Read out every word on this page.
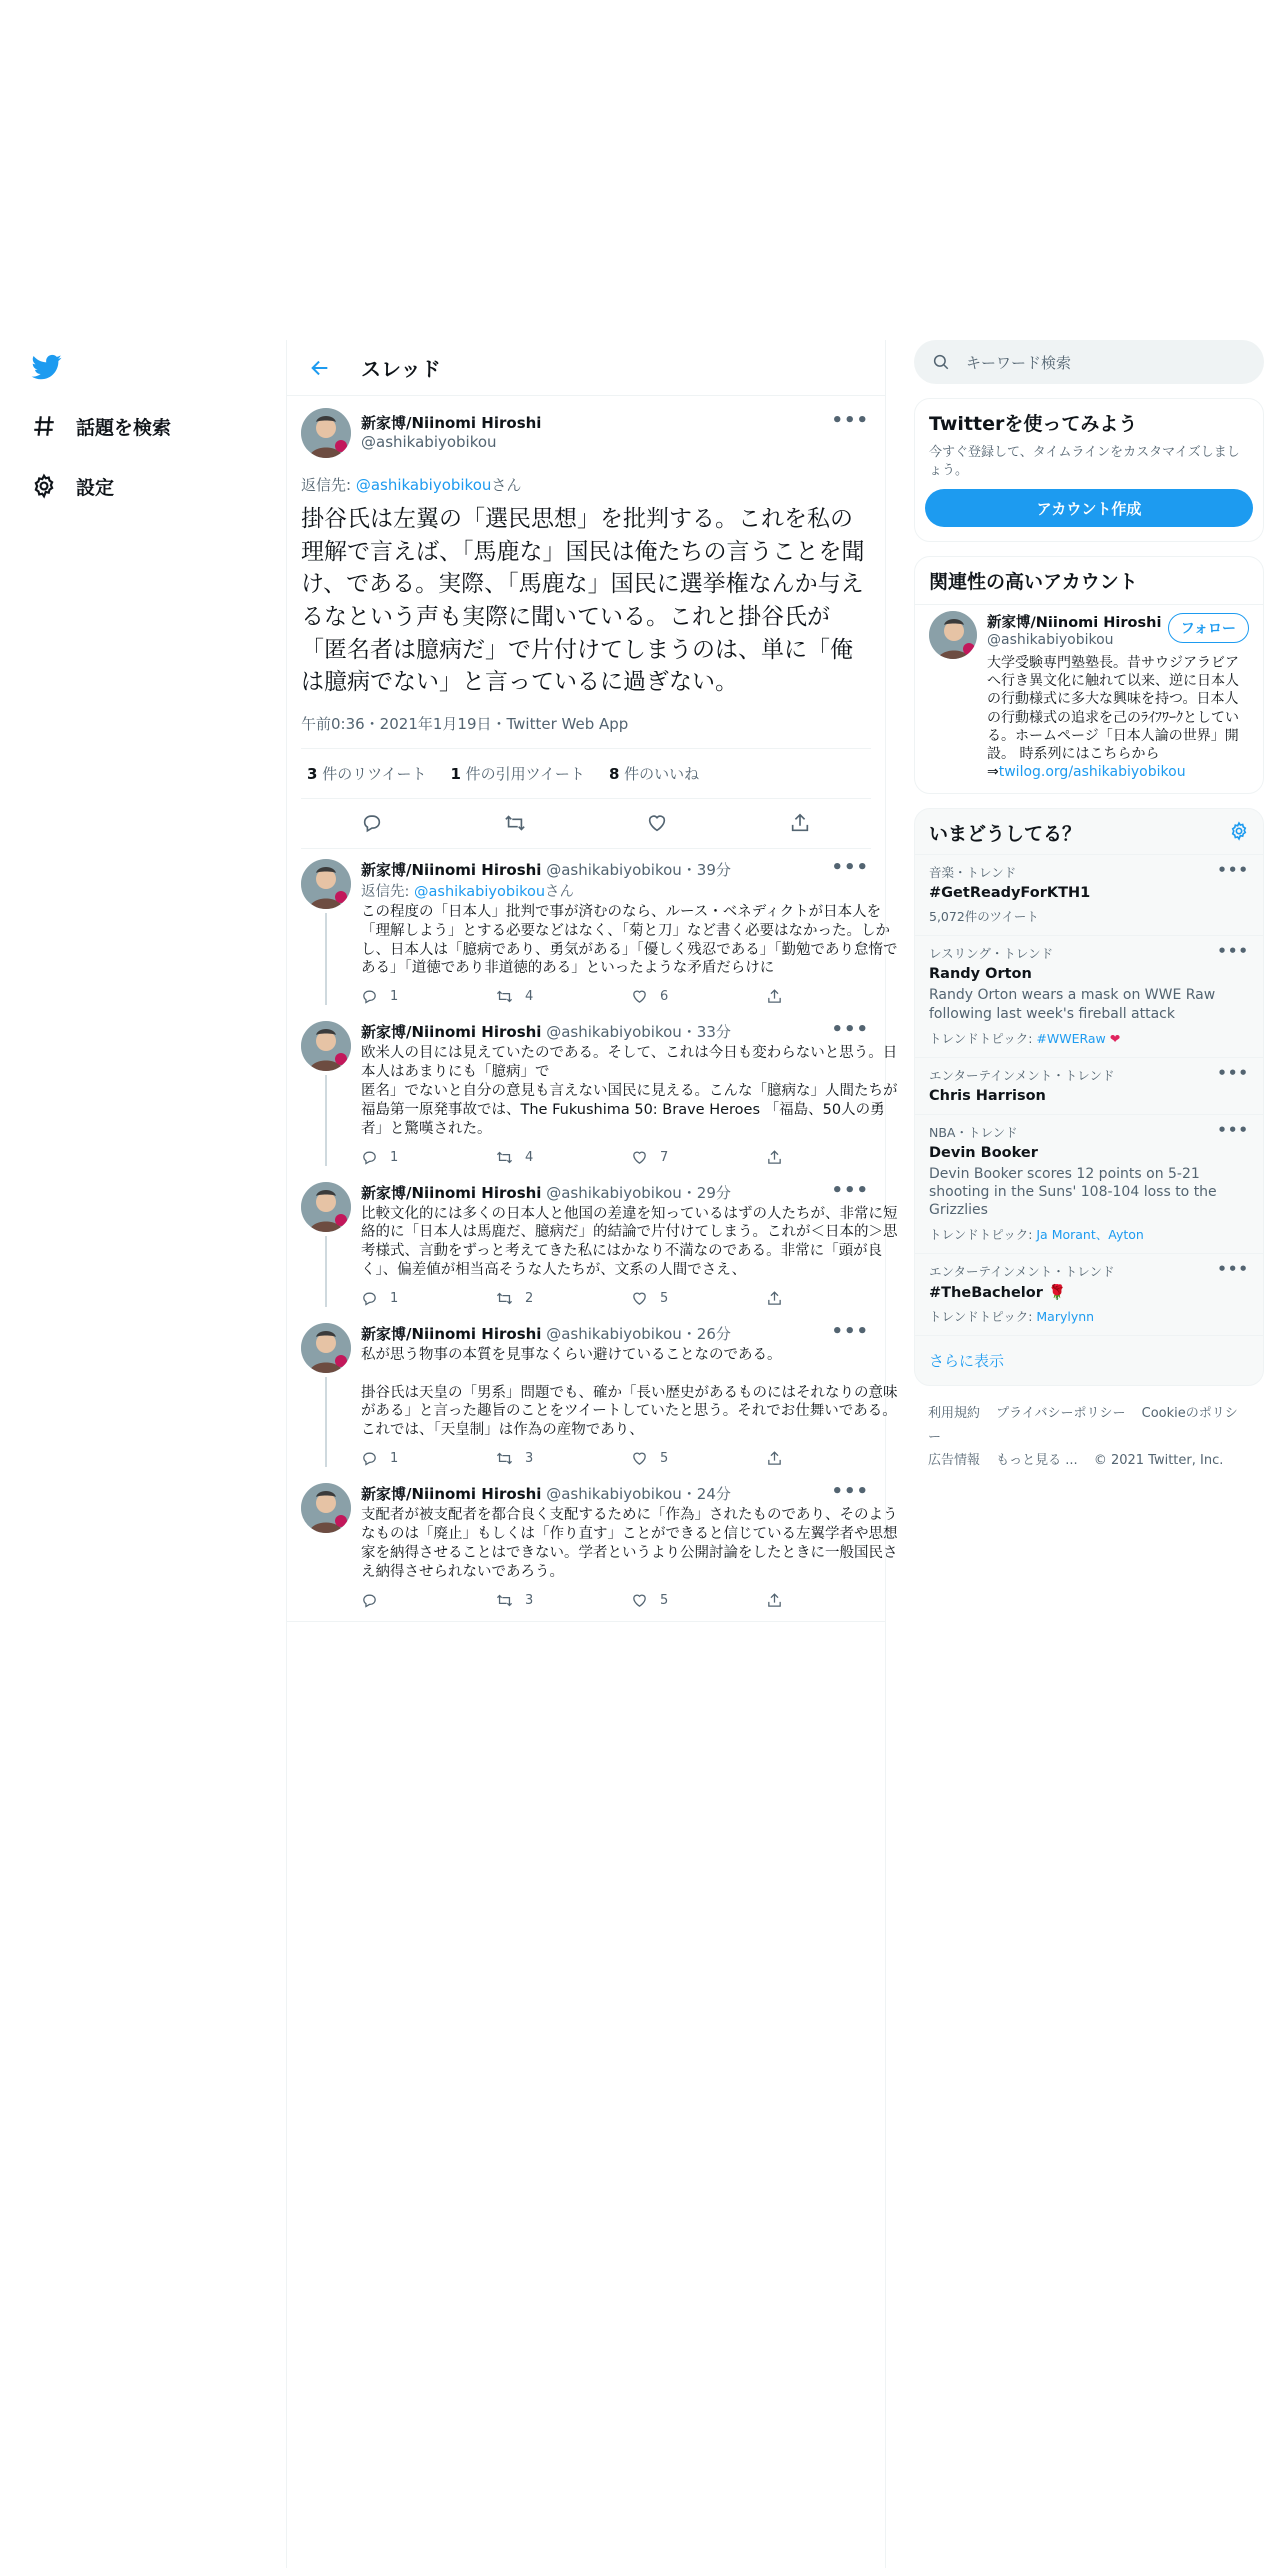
話題を検索
設定
スレッド
新家博/Niinomi Hiroshi
@ashikabiyobikou
•••
返信先: @ashikabiyobikouさん
掛谷氏は左翼の「選民思想」を批判する。これを私の理解で言えば、「馬鹿な」国民は俺たちの言うことを聞け、である。実際、「馬鹿な」国民に選挙権なんか与えるなという声も実際に聞いている。これと掛谷氏が「匿名者は臆病だ」で片付けてしまうのは、単に「俺は臆病でない」と言っているに過ぎない。
午前0:36・2021年1月19日・Twitter Web App
3 件のリツイート 1 件の引用ツイート 8 件のいいね
新家博/Niinomi Hiroshi @ashikabiyobikou・39分
返信先: @ashikabiyobikouさん
この程度の「日本人」批判で事が済むのなら、ルース・ベネディクトが日本人を「理解しよう」とする必要などはなく、「菊と刀」など書く必要はなかった。しかし、日本人は「臆病であり、勇気がある」「優しく残忍である」「勤勉であり怠惰である」「道徳であり非道徳的ある」といったような矛盾だらけに
1	4	6
•••
新家博/Niinomi Hiroshi @ashikabiyobikou・33分
欧米人の目には見えていたのである。そして、これは今日も変わらないと思う。日本人はあまりにも「臆病」で
匿名」でないと自分の意見も言えない国民に見える。こんな「臆病な」人間たちが福島第一原発事故では、The Fukushima 50: Brave Heroes 「福島、50人の勇者」と驚嘆された。
1	4	7
•••
新家博/Niinomi Hiroshi @ashikabiyobikou・29分
比較文化的には多くの日本人と他国の差違を知っているはずの人たちが、非常に短絡的に「日本人は馬鹿だ、臆病だ」的結論で片付けてしまう。これが＜日本的＞思考様式、言動をずっと考えてきた私にはかなり不満なのである。非常に「頭が良く」、偏差値が相当高そうな人たちが、文系の人間でさえ、
1	2	5
•••
新家博/Niinomi Hiroshi @ashikabiyobikou・26分
私が思う物事の本質を見事なくらい避けていることなのである。

掛谷氏は天皇の「男系」問題でも、確か「長い歴史があるものにはそれなりの意味がある」と言った趣旨のことをツイートしていたと思う。それでお仕舞いである。これでは、「天皇制」は作為の産物であり、
1	3	5
•••
新家博/Niinomi Hiroshi @ashikabiyobikou・24分
支配者が被支配者を都合良く支配するために「作為」されたものであり、そのようなものは「廃止」もしくは「作り直す」ことができると信じている左翼学者や思想家を納得させることはできない。学者というより公開討論をしたときに一般国民さえ納得させられないであろう。
3	5
•••
キーワード検索
Twitterを使ってみよう
今すぐ登録して、タイムラインをカスタマイズしましょう。
アカウント作成
関連性の高いアカウント
新家博/Niinomi Hiroshi
@ashikabiyobikou
フォロー
大学受験専門塾塾長。昔サウジアラビアへ行き異文化に触れて以来、逆に日本人の行動様式に多大な興味を持つ。日本人の行動様式の追求を己のﾗｲﾌﾜｰｸとしている。ホームページ「日本人論の世界」開設。 時系列にはこちらから⇒twilog.org/ashikabiyobikou
いまどうしてる？
音楽・トレンド
#GetReadyForKTH1
5,072件のツイート
•••
レスリング・トレンド
Randy Orton
Randy Orton wears a mask on WWE Raw following last week's fireball attack
トレンドトピック: #WWERaw ❤
•••
エンターテインメント・トレンド
Chris Harrison
•••
NBA・トレンド
Devin Booker
Devin Booker scores 12 points on 5-21 shooting in the Suns' 108-104 loss to the Grizzlies
トレンドトピック: Ja Morant、Ayton
•••
エンターテインメント・トレンド
#TheBachelor 🌹
トレンドトピック: Marylynn
•••
さらに表示
利用規約 プライバシーポリシー Cookieのポリシー
広告情報 もっと見る ... © 2021 Twitter, Inc.
